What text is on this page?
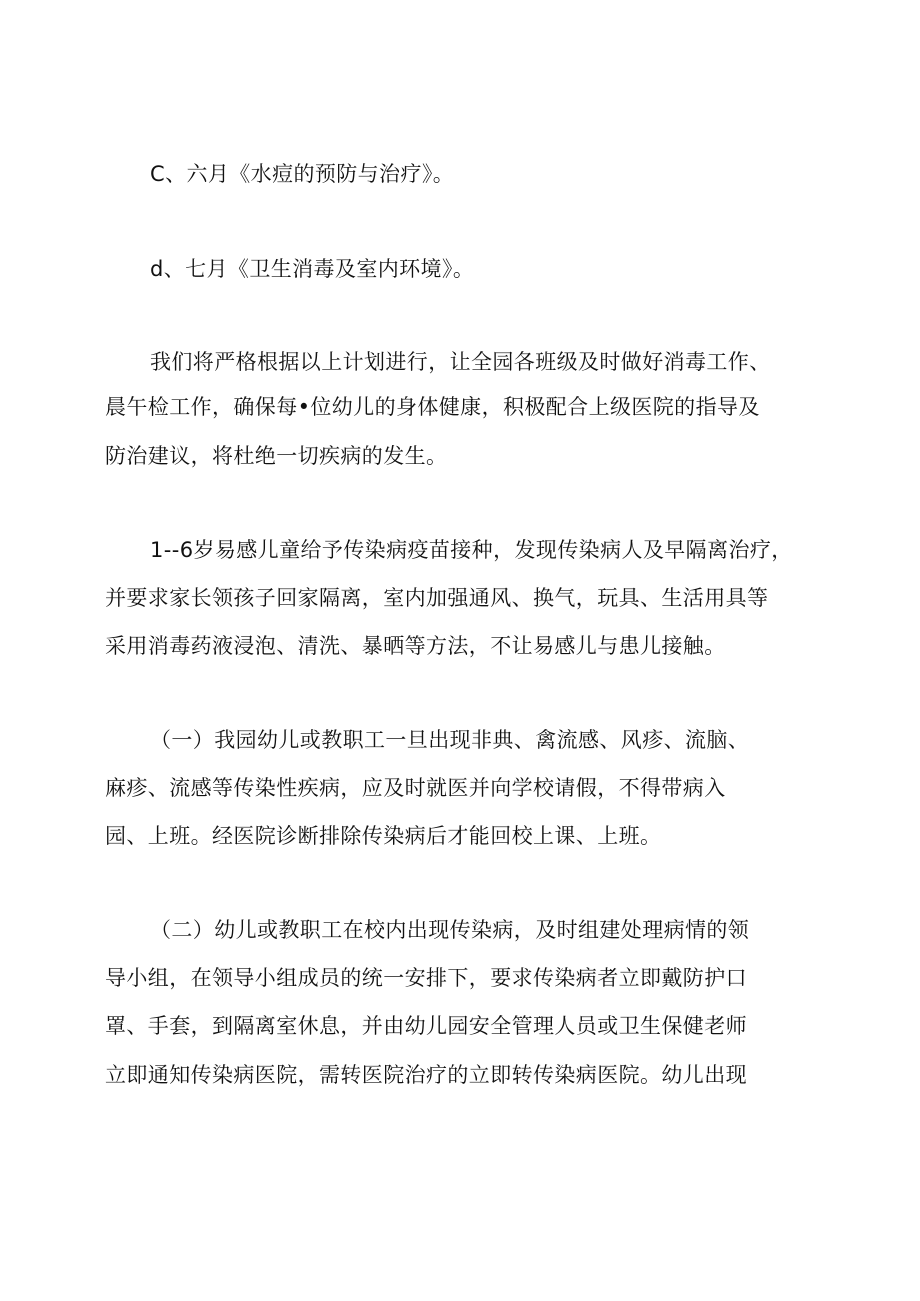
C、六月《水痘的预防与治疗》。
d、七月《卫生消毒及室内环境》。
我们将严格根据以上计划进行，让全园各班级及时做好消毒工作、
晨午检工作，确保每•位幼儿的身体健康，积极配合上级医院的指导及
防治建议，将杜绝一切疾病的发生。
1--6岁易感儿童给予传染病疫苗接种，发现传染病人及早隔离治疗，
并要求家长领孩子回家隔离，室内加强通风、换气，玩具、生活用具等
采用消毒药液浸泡、清洗、暴晒等方法，不让易感儿与患儿接触。
（一）我园幼儿或教职工一旦出现非典、禽流感、风疹、流脑、
麻疹、流感等传染性疾病，应及时就医并向学校请假，不得带病入
园、上班。经医院诊断排除传染病后才能回校上课、上班。
（二）幼儿或教职工在校内出现传染病，及时组建处理病情的领
导小组，在领导小组成员的统一安排下，要求传染病者立即戴防护口
罩、手套，到隔离室休息，并由幼儿园安全管理人员或卫生保健老师
立即通知传染病医院，需转医院治疗的立即转传染病医院。幼儿出现
